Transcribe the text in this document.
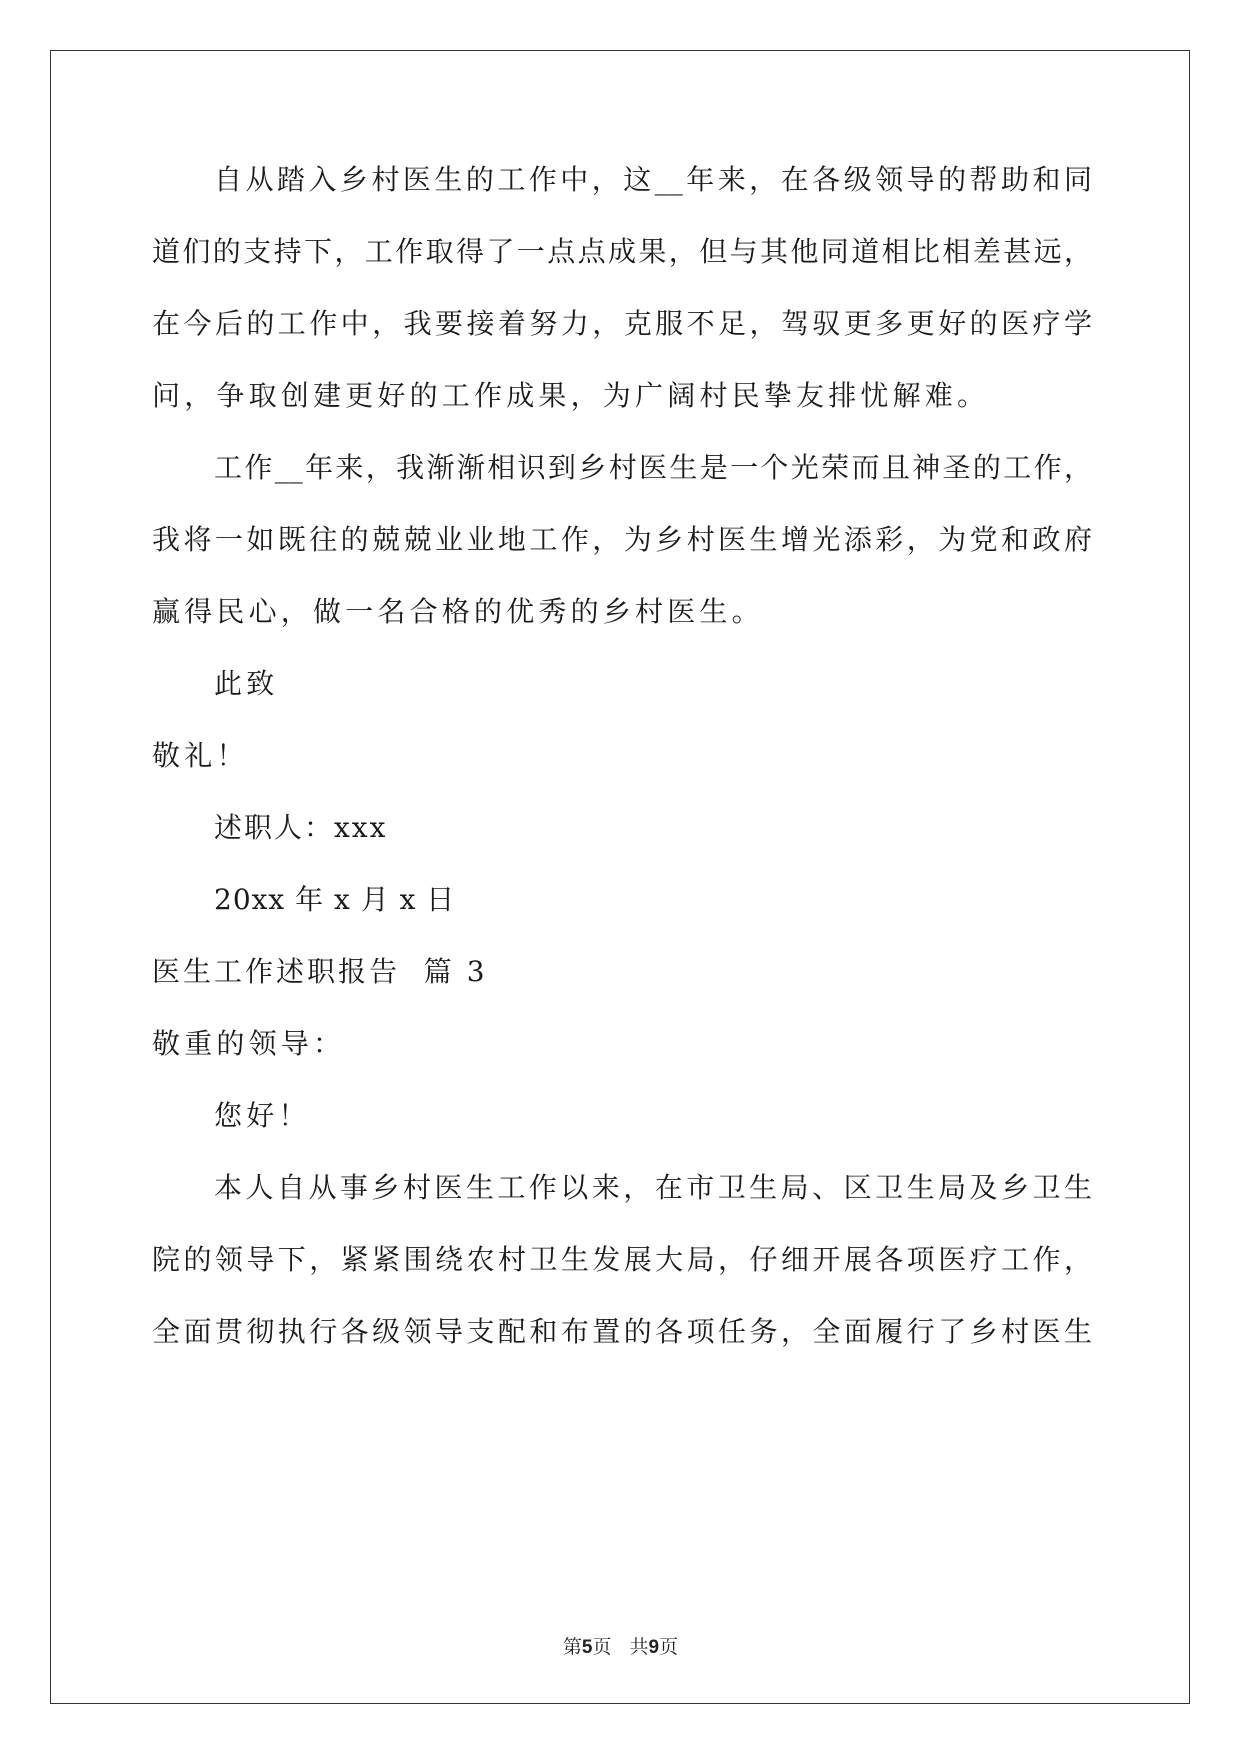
自从踏入乡村医生的工作中，这__年来，在各级领导的帮助和同
道们的支持下，工作取得了一点点成果，但与其他同道相比相差甚远，
在今后的工作中，我要接着努力，克服不足，驾驭更多更好的医疗学
问，争取创建更好的工作成果，为广阔村民挚友排忧解难。
工作__年来，我渐渐相识到乡村医生是一个光荣而且神圣的工作，
我将一如既往的兢兢业业地工作，为乡村医生增光添彩，为党和政府
赢得民心，做一名合格的优秀的乡村医生。
此致
敬礼！
述职人：xxx
20xx 年 x 月 x 日
医生工作述职报告  篇 3
敬重的领导：
您好！
本人自从事乡村医生工作以来，在市卫生局、区卫生局及乡卫生
院的领导下，紧紧围绕农村卫生发展大局，仔细开展各项医疗工作，
全面贯彻执行各级领导支配和布置的各项任务，全面履行了乡村医生
第5页 共9页
